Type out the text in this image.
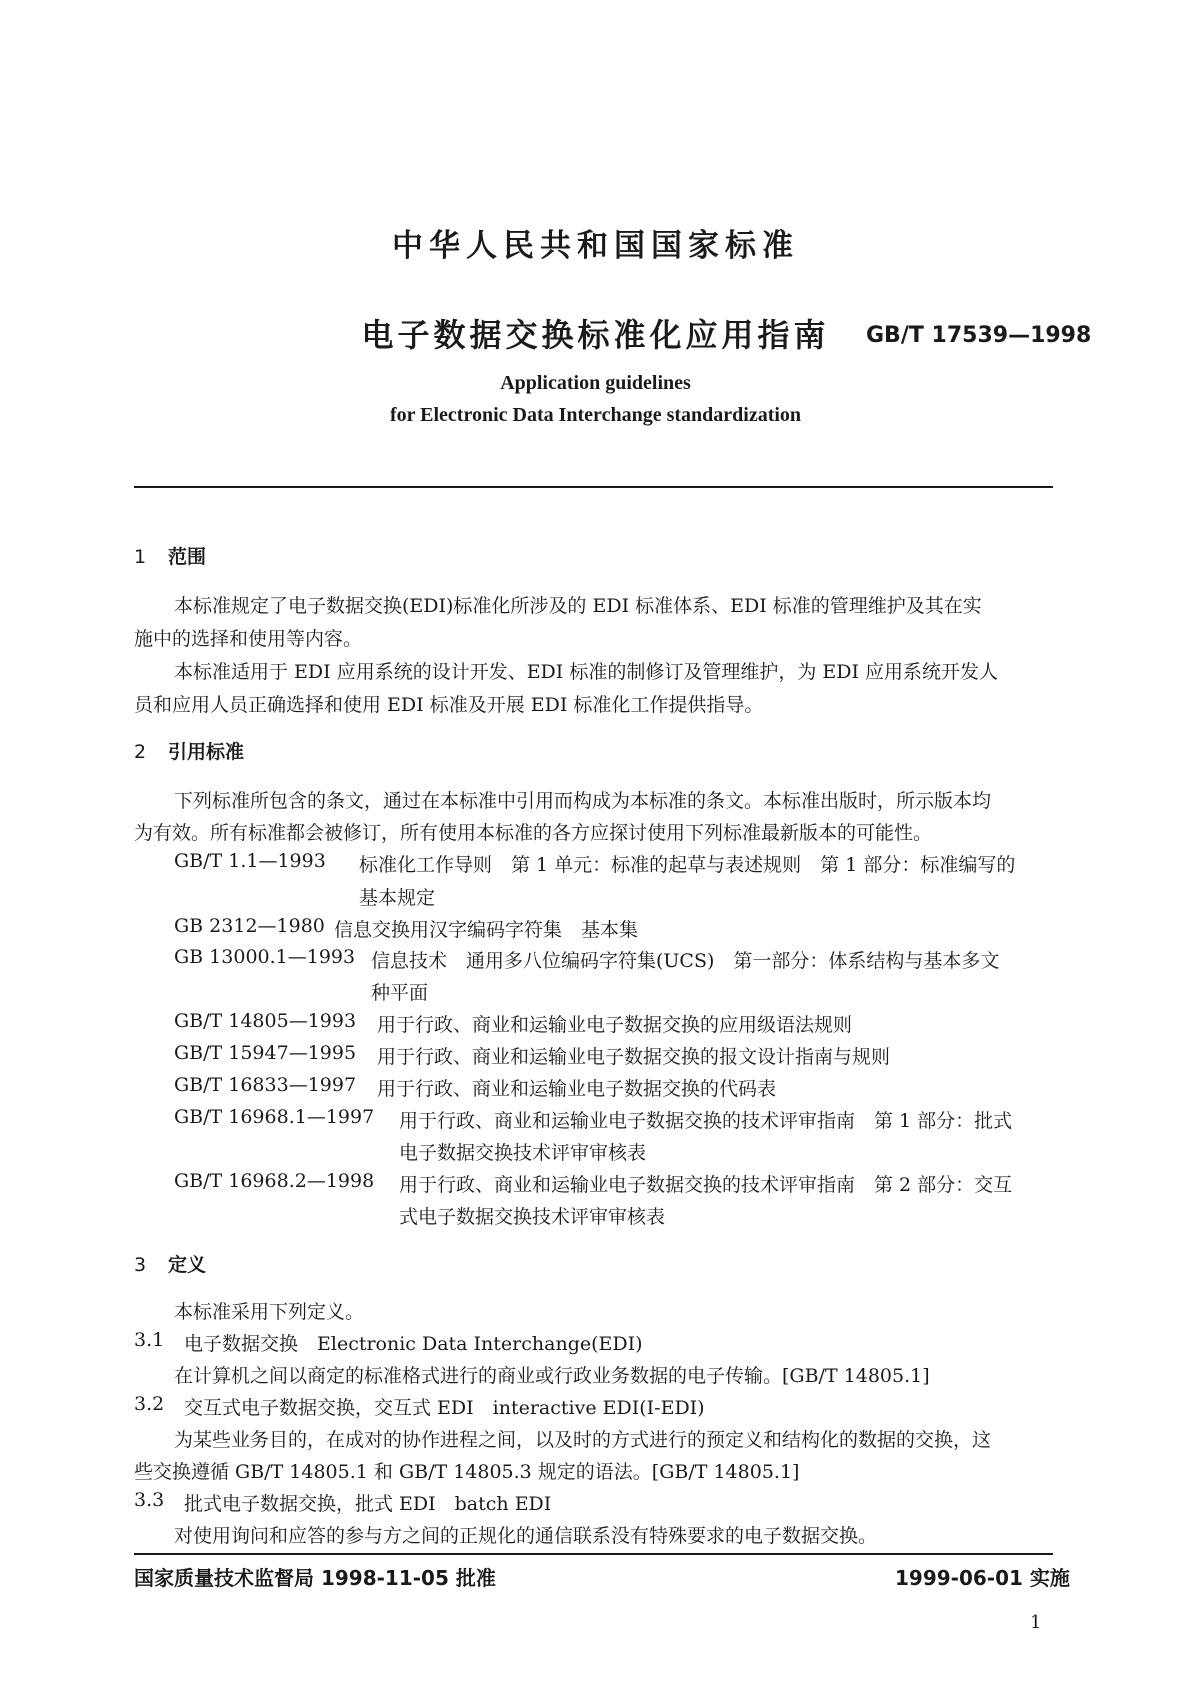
中华人民共和国国家标准
电子数据交换标准化应用指南	GB/T 17539—1998
Application guidelines
for Electronic Data Interchange standardization
1 范围
本标准规定了电子数据交换(EDI)标准化所涉及的 EDI 标准体系、EDI 标准的管理维护及其在实
施中的选择和使用等内容。
本标准适用于 EDI 应用系统的设计开发、EDI 标准的制修订及管理维护，为 EDI 应用系统开发人
员和应用人员正确选择和使用 EDI 标准及开展 EDI 标准化工作提供指导。
2 引用标准
下列标准所包含的条文，通过在本标准中引用而构成为本标准的条文。本标准出版时，所示版本均
为有效。所有标准都会被修订，所有使用本标准的各方应探讨使用下列标准最新版本的可能性。
GB/T 1.1—1993 标准化工作导则　第 1 单元：标准的起草与表述规则　第 1 部分：标准编写的
基本规定
GB 2312—1980 信息交换用汉字编码字符集　基本集
GB 13000.1—1993 信息技术　通用多八位编码字符集(UCS)　第一部分：体系结构与基本多文
种平面
GB/T 14805—1993 用于行政、商业和运输业电子数据交换的应用级语法规则
GB/T 15947—1995 用于行政、商业和运输业电子数据交换的报文设计指南与规则
GB/T 16833—1997 用于行政、商业和运输业电子数据交换的代码表
GB/T 16968.1—1997 用于行政、商业和运输业电子数据交换的技术评审指南　第 1 部分：批式
电子数据交换技术评审审核表
GB/T 16968.2—1998 用于行政、商业和运输业电子数据交换的技术评审指南　第 2 部分：交互
式电子数据交换技术评审审核表
3 定义
本标准采用下列定义。
3.1 电子数据交换　Electronic Data Interchange(EDI)
在计算机之间以商定的标准格式进行的商业或行政业务数据的电子传输。[GB/T 14805.1]
3.2 交互式电子数据交换，交互式 EDI　interactive EDI(I-EDI)
为某些业务目的，在成对的协作进程之间，以及时的方式进行的预定义和结构化的数据的交换，这
些交换遵循 GB/T 14805.1 和 GB/T 14805.3 规定的语法。[GB/T 14805.1]
3.3 批式电子数据交换，批式 EDI　batch EDI
对使用询问和应答的参与方之间的正规化的通信联系没有特殊要求的电子数据交换。
国家质量技术监督局 1998-11-05 批准	1999-06-01 实施
1
